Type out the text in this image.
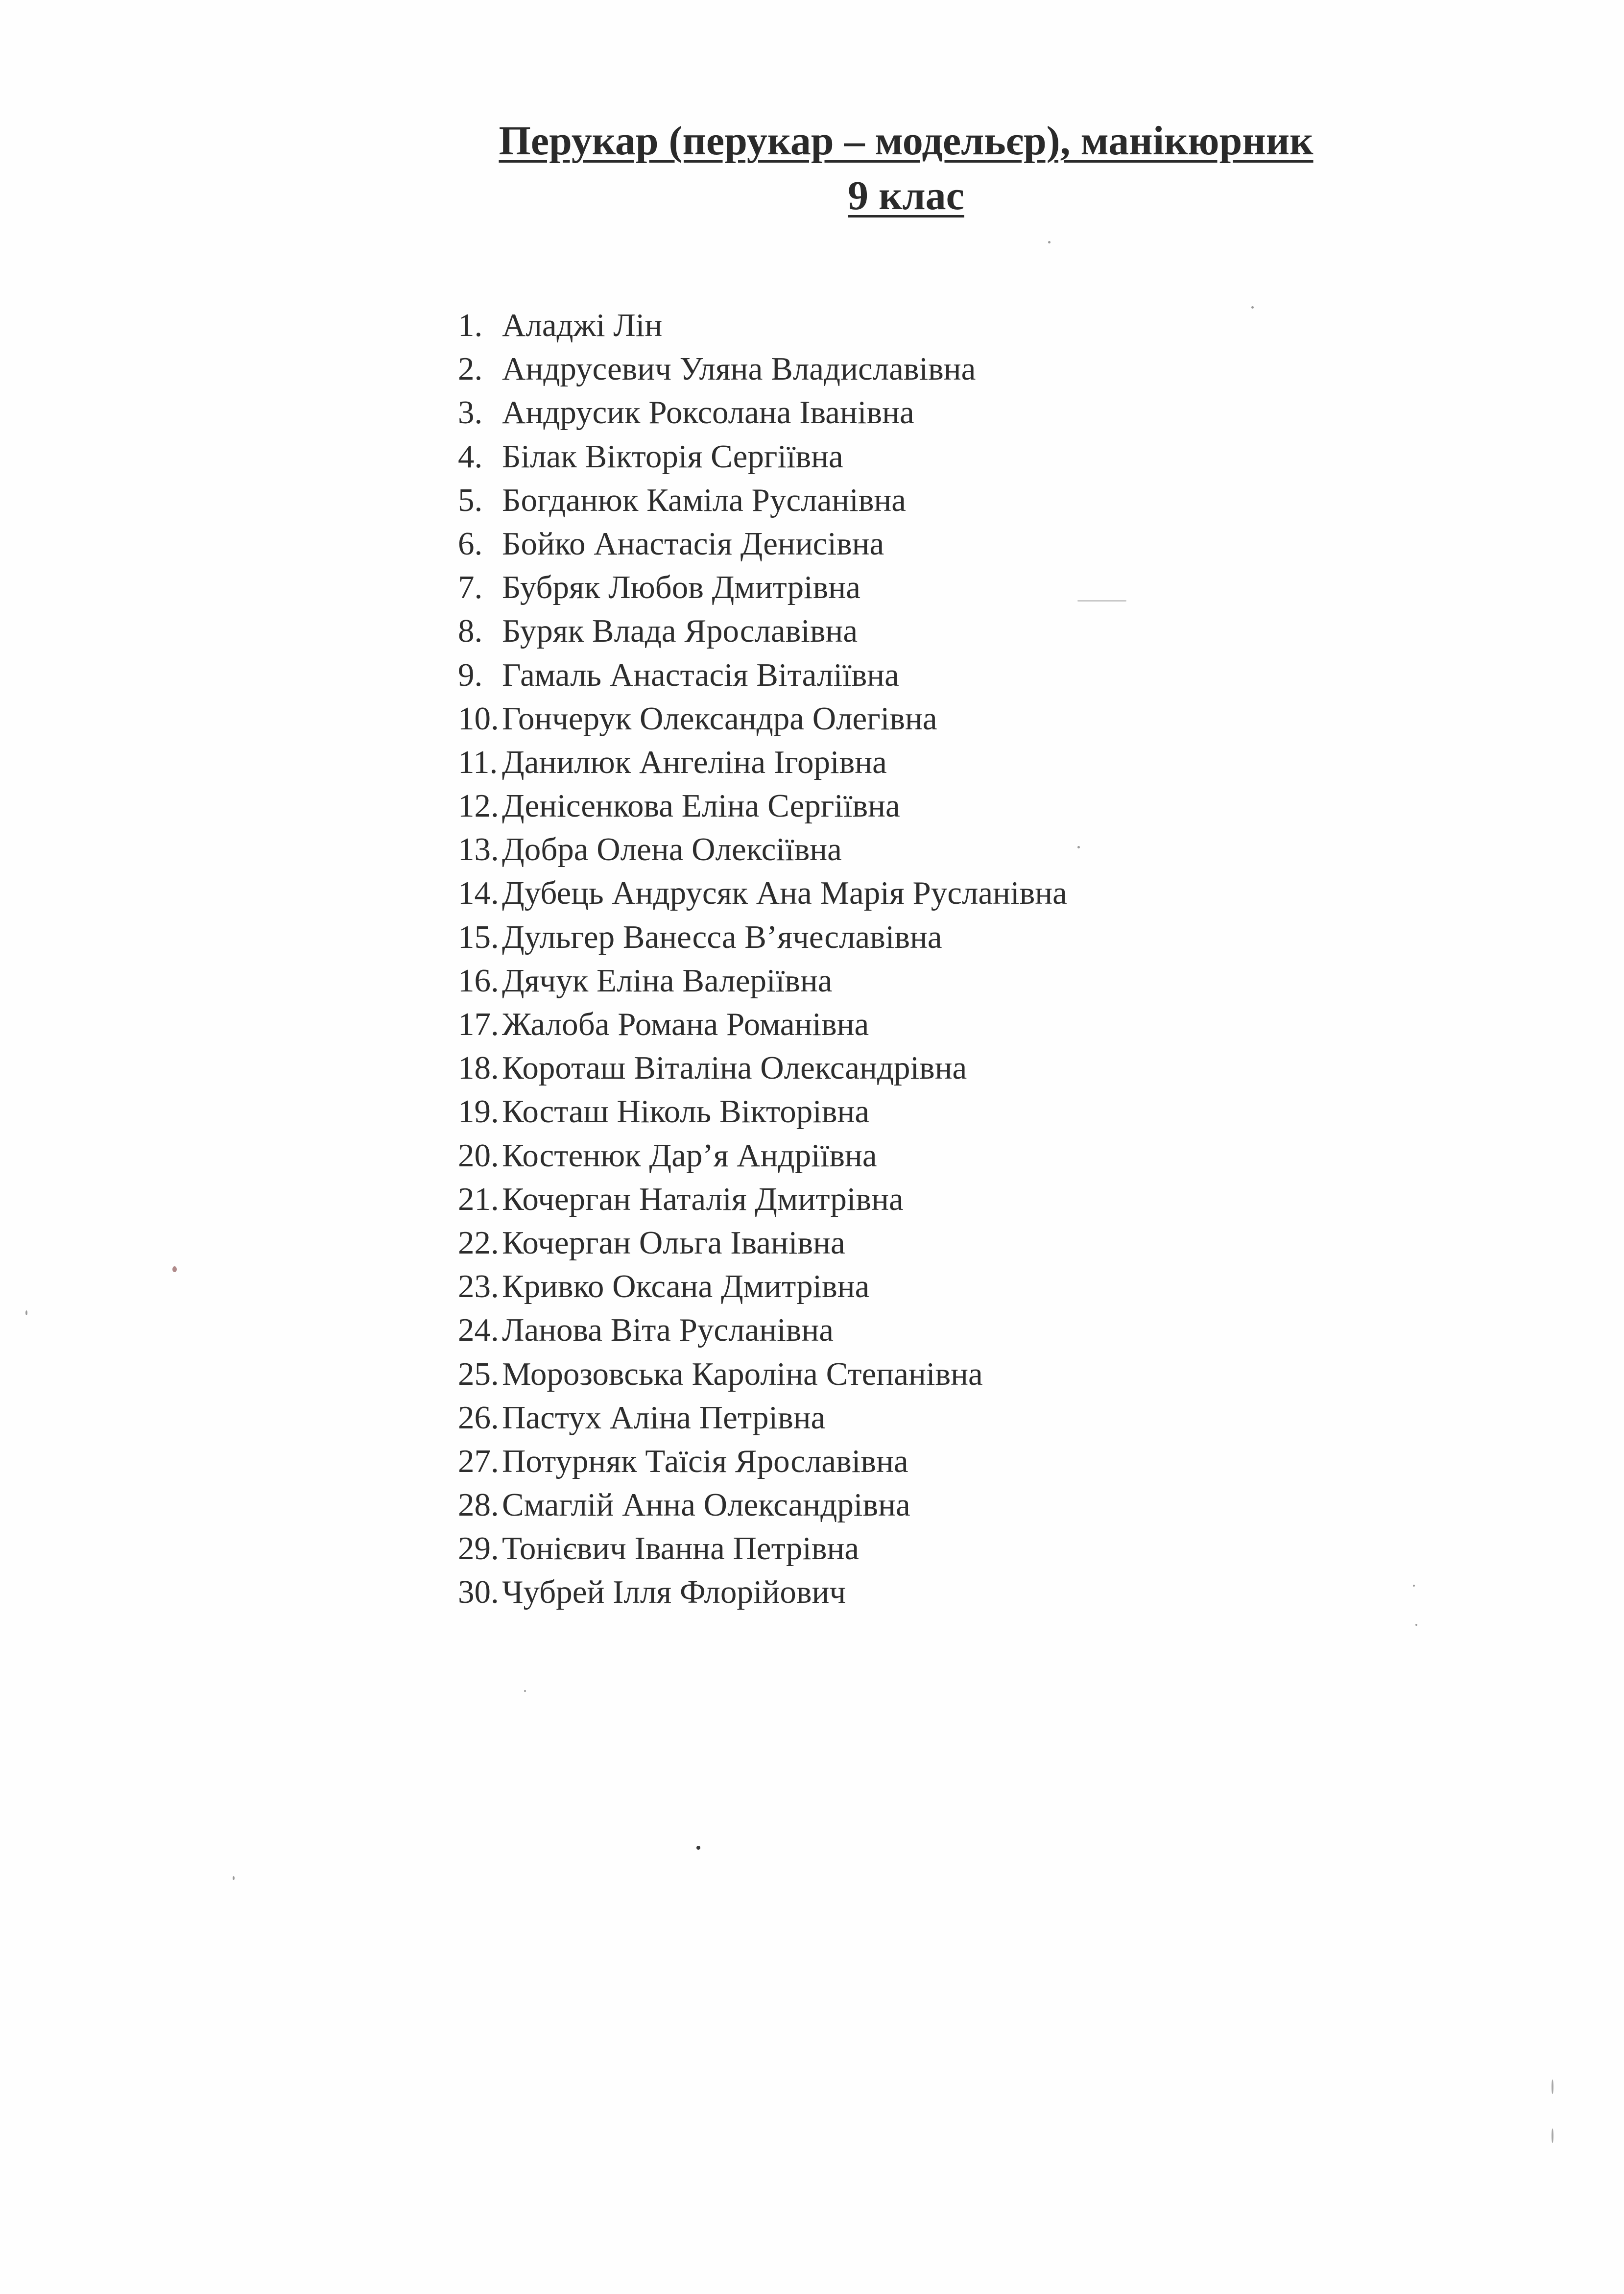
Перукар (перукар – модельєр), манікюрник
9 клас
1. Аладжі Лін
2. Андрусевич Уляна Владиславівна
3. Андрусик Роксолана Іванівна
4. Білак Вікторія Сергіївна
5. Богданюк Каміла Русланівна
6. Бойко Анастасія Денисівна
7. Бубряк Любов Дмитрівна
8. Буряк Влада Ярославівна
9. Гамаль Анастасія Віталіївна
10.Гончерук Олександра Олегівна
11. Данилюк Ангеліна Ігорівна
12.Денісенкова Еліна Сергіївна
13.Добра Олена Олексіївна
14.Дубець Андрусяк Ана Марія Русланівна
15.Дульгер Ванесса В’ячеславівна
16.Дячук Еліна Валеріївна
17.Жалоба Романа Романівна
18.Короташ Віталіна Олександрівна
19.Косташ Ніколь Вікторівна
20.Костенюк Дар’я Андріївна
21.Кочерган Наталія Дмитрівна
22.Кочерган Ольга Іванівна
23.Кривко Оксана Дмитрівна
24.Ланова Віта Русланівна
25.Морозовська Кароліна Степанівна
26.Пастух Аліна Петрівна
27.Потурняк Таїсія Ярославівна
28.Смаглій Анна Олександрівна
29.Тонієвич Іванна Петрівна
30.Чубрей Ілля Флорійович
